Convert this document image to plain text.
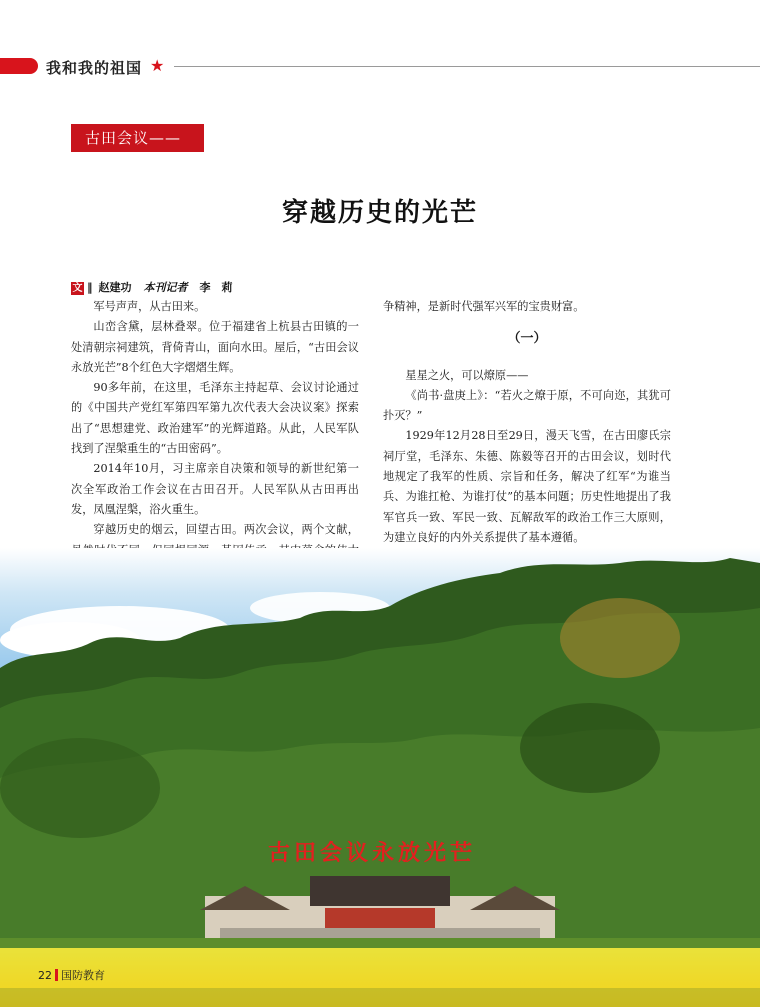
我和我的祖国 ★
古田会议——
穿越历史的光芒
文 ‖ 赵建功 本刊记者 李　莉

军号声声，从古田来。

山峦含黛，层林叠翠。位于福建省上杭县古田镇的一处清朝宗祠建筑，背倚青山，面向水田。屋后，“古田会议永放光芒”8个红色大字熠熠生辉。

90多年前，在这里，毛泽东主持起草、会议讨论通过的《中国共产党红军第四军第九次代表大会决议案》探索出了“思想建党、政治建军”的光辉道路。从此，人民军队找到了涅槃重生的“古田密码”。

2014年10月，习主席亲自决策和领导的新世纪第一次全军政治工作会议在古田召开。人民军队从古田再出发，凤凰涅槃，浴火重生。

穿越历史的烟云，回望古田。两次会议，两个文献，

争精神，是新时代强军兴军的宝贵财富。

（一）

星星之火，可以燎原——

《尚书·盘庚上》：“若火之燎于原，不可向迩，其犹可扑灭？”

1929年12月28日至29日，漫天飞雪，在古田廖氏宗祠厅堂，毛泽东、朱德、陈毅等召开的古田会议，划时代地规定了我军的性质、宗旨和任务，解决了红军“为谁当兵、为谁扛枪、为谁打仗”的基本问题；历史性地提出了我军官兵一致、军民一致、瓦解敌军的政治工作三大原则，为建立良好的内外关系提供了基本遵循。

古田会议永放光芒
22 国防教育
